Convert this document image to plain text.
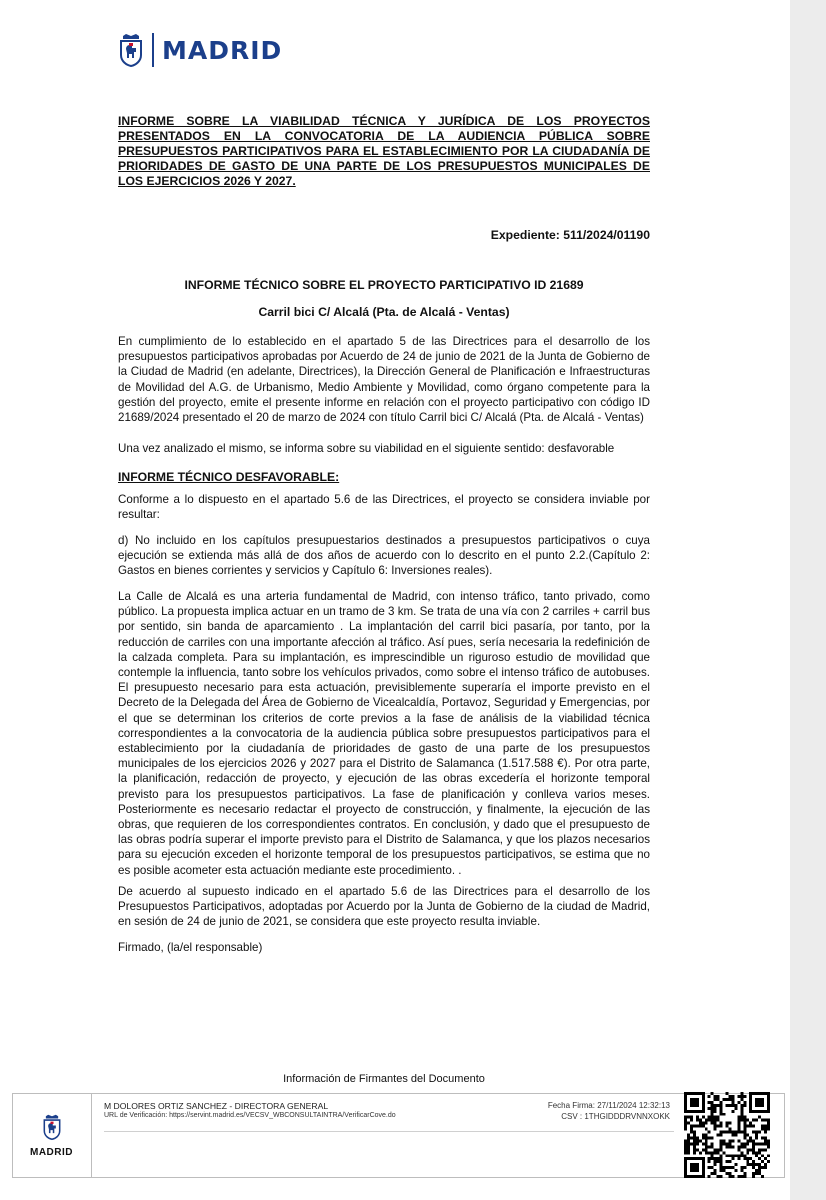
MADRID
INFORME SOBRE LA VIABILIDAD TÉCNICA Y JURÍDICA DE LOS PROYECTOS PRESENTADOS EN LA CONVOCATORIA DE LA AUDIENCIA PÚBLICA SOBRE PRESUPUESTOS PARTICIPATIVOS PARA EL ESTABLECIMIENTO POR LA CIUDADANÍA DE PRIORIDADES DE GASTO DE UNA PARTE DE LOS PRESUPUESTOS MUNICIPALES DE LOS EJERCICIOS 2026 Y 2027.
Expediente: 511/2024/01190
INFORME TÉCNICO SOBRE EL PROYECTO PARTICIPATIVO ID 21689
Carril bici C/ Alcalá (Pta. de Alcalá - Ventas)

En cumplimiento de lo establecido en el apartado 5 de las Directrices para el desarrollo de los presupuestos participativos aprobadas por Acuerdo de 24 de junio de 2021 de la Junta de Gobierno de la Ciudad de Madrid (en adelante, Directrices), la Dirección General de Planificación e Infraestructuras de Movilidad del A.G. de Urbanismo, Medio Ambiente y Movilidad, como órgano competente para la gestión del proyecto, emite el presente informe en relación con el proyecto participativo con código ID 21689/2024 presentado el 20 de marzo de 2024 con título Carril bici C/ Alcalá (Pta. de Alcalá - Ventas)

Una vez analizado el mismo, se informa sobre su viabilidad en el siguiente sentido: desfavorable

INFORME TÉCNICO DESFAVORABLE:

Conforme a lo dispuesto en el apartado 5.6 de las Directrices, el proyecto se considera inviable por resultar:

d) No incluido en los capítulos presupuestarios destinados a presupuestos participativos o cuya ejecución se extienda más allá de dos años de acuerdo con lo descrito en el punto 2.2.(Capítulo 2: Gastos en bienes corrientes y servicios y Capítulo 6: Inversiones reales).

La Calle de Alcalá es una arteria fundamental de Madrid, con intenso tráfico, tanto privado, como público. La propuesta implica actuar en un tramo de 3 km. Se trata de una vía con 2 carriles + carril bus por sentido, sin banda de aparcamiento . La implantación del carril bici pasaría, por tanto, por la reducción de carriles con una importante afección al tráfico. Así pues, sería necesaria la redefinición de la calzada completa. Para su implantación, es imprescindible un riguroso estudio de movilidad que contemple la influencia, tanto sobre los vehículos privados, como sobre el intenso tráfico de autobuses. El presupuesto necesario para esta actuación, previsiblemente superaría el importe previsto en el Decreto de la Delegada del Área de Gobierno de Vicealcaldía, Portavoz, Seguridad y Emergencias, por el que se determinan los criterios de corte previos a la fase de análisis de la viabilidad técnica correspondientes a la convocatoria de la audiencia pública sobre presupuestos participativos para el establecimiento por la ciudadanía de prioridades de gasto de una parte de los presupuestos municipales de los ejercicios 2026 y 2027 para el Distrito de Salamanca (1.517.588 €). Por otra parte, la planificación, redacción de proyecto, y ejecución de las obras excedería el horizonte temporal previsto para los presupuestos participativos. La fase de planificación y conlleva varios meses. Posteriormente es necesario redactar el proyecto de construcción, y finalmente, la ejecución de las obras, que requieren de los correspondientes contratos. En conclusión, y dado que el presupuesto de las obras podría superar el importe previsto para el Distrito de Salamanca, y que los plazos necesarios para su ejecución exceden el horizonte temporal de los presupuestos participativos, se estima que no es posible acometer esta actuación mediante este procedimiento. .

De acuerdo al supuesto indicado en el apartado 5.6 de las Directrices para el desarrollo de los Presupuestos Participativos, adoptadas por Acuerdo por la Junta de Gobierno de la ciudad de Madrid, en sesión de 24 de junio de 2021, se considera que este proyecto resulta inviable.

Firmado, (la/el responsable)

Información de Firmantes del Documento
MADRID
M DOLORES ORTIZ SANCHEZ - DIRECTORA GENERAL
URL de Verificación: https://servint.madrid.es/VECSV_WBCONSULTAINTRA/VerificarCove.do
Fecha Firma: 27/11/2024 12:32:13
CSV : 1THGIDDDRVNNXOKK
